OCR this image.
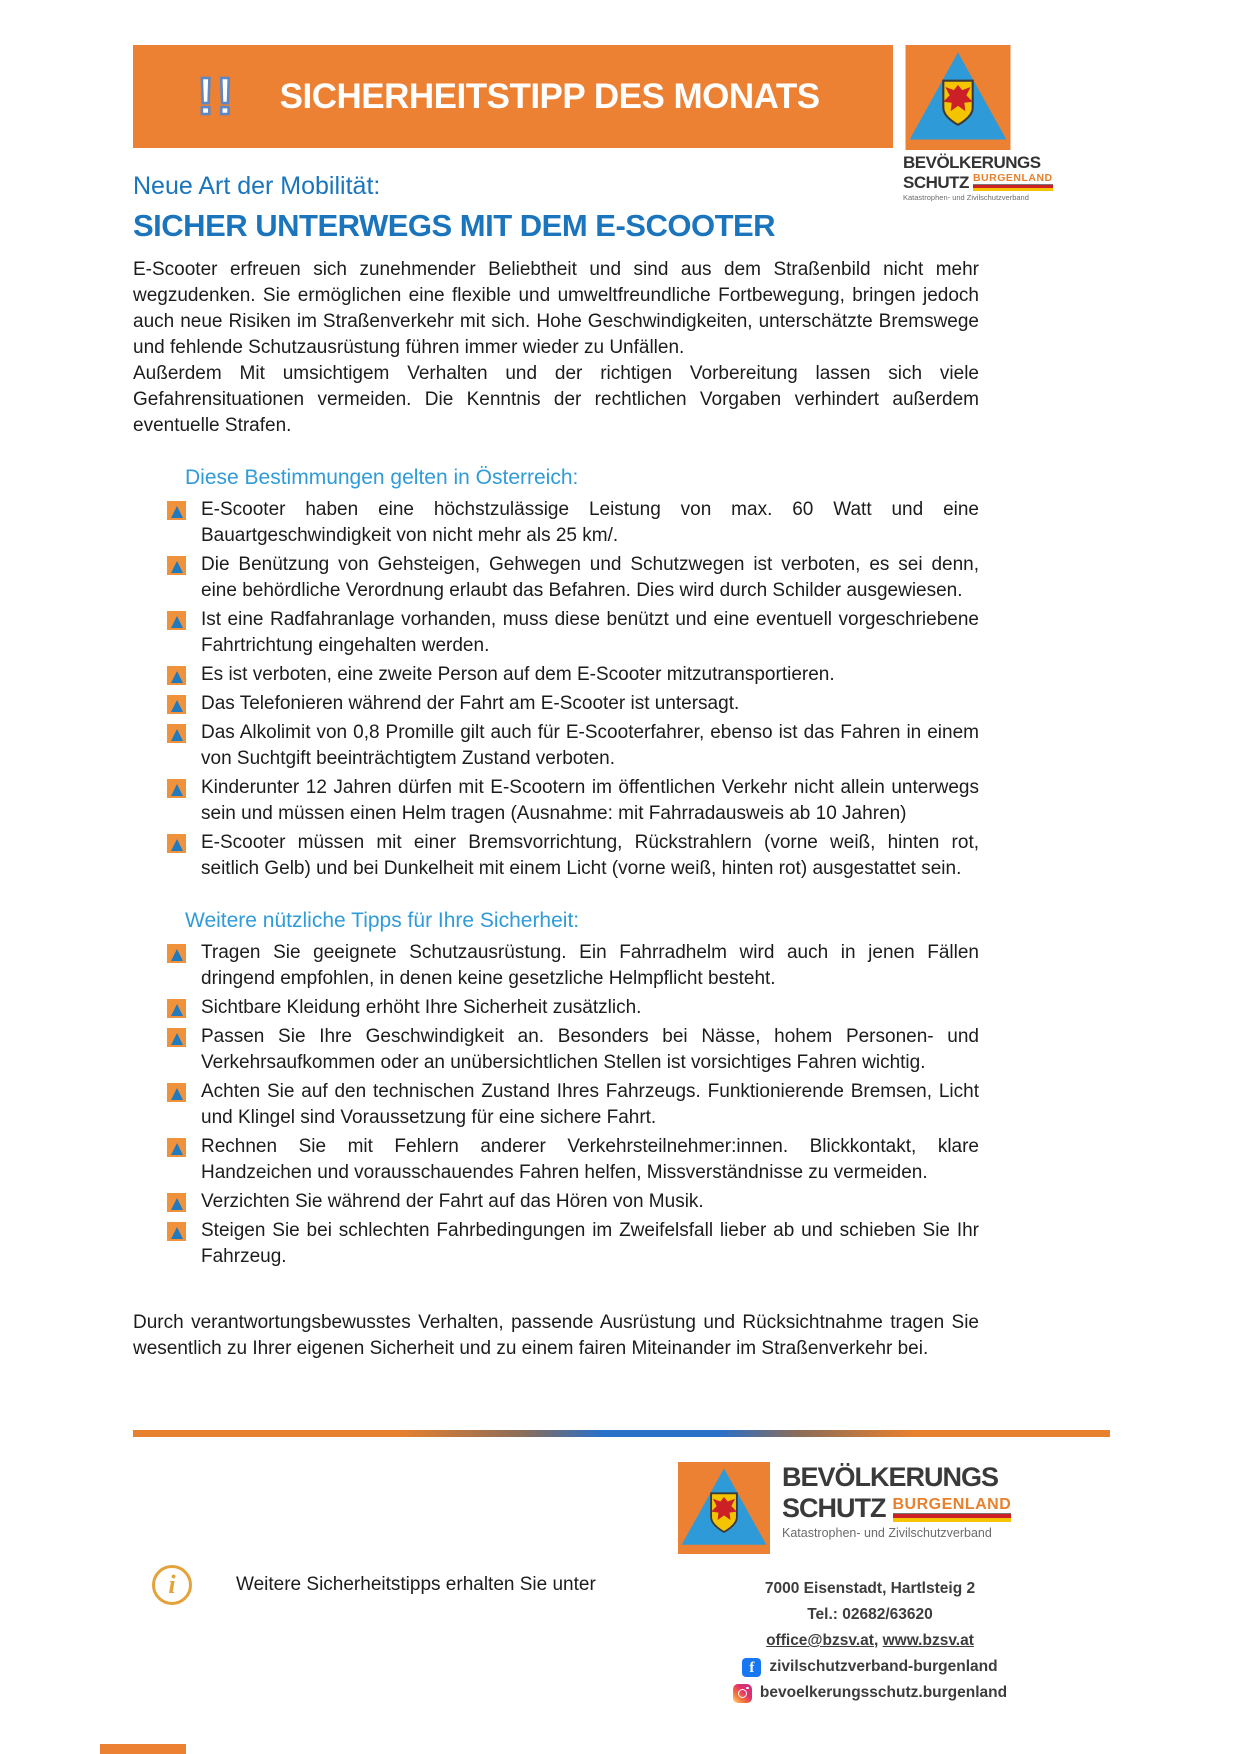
!! SICHERHEITSTIPP DES MONATS
BEVÖLKERUNGS
SCHUTZ BURGENLAND
Katastrophen- und Zivilschutzverband
Neue Art der Mobilität:
SICHER UNTERWEGS MIT DEM E-SCOOTER

E-Scooter erfreuen sich zunehmender Beliebtheit und sind aus dem Straßenbild nicht mehr wegzudenken. Sie ermöglichen eine flexible und umweltfreundliche Fortbewegung, bringen jedoch auch neue Risiken im Straßenverkehr mit sich. Hohe Geschwindigkeiten, unterschätzte Bremswege und fehlende Schutzausrüstung führen immer wieder zu Unfällen.

Außerdem Mit umsichtigem Verhalten und der richtigen Vorbereitung lassen sich viele Gefahrensituationen vermeiden. Die Kenntnis der rechtlichen Vorgaben verhindert außerdem eventuelle Strafen.

Diese Bestimmungen gelten in Österreich:
E-Scooter haben eine höchstzulässige Leistung von max. 60 Watt und eine Bauartgeschwindigkeit von nicht mehr als 25 km/.
Die Benützung von Gehsteigen, Gehwegen und Schutzwegen ist verboten, es sei denn, eine behördliche Verordnung erlaubt das Befahren. Dies wird durch Schilder ausgewiesen.
Ist eine Radfahranlage vorhanden, muss diese benützt und eine eventuell vorgeschriebene Fahrtrichtung eingehalten werden.
Es ist verboten, eine zweite Person auf dem E-Scooter mitzutransportieren.
Das Telefonieren während der Fahrt am E-Scooter ist untersagt.
Das Alkolimit von 0,8 Promille gilt auch für E-Scooterfahrer, ebenso ist das Fahren in einem von Suchtgift beeinträchtigtem Zustand verboten.
Kinderunter 12 Jahren dürfen mit E-Scootern im öffentlichen Verkehr nicht allein unterwegs sein und müssen einen Helm tragen (Ausnahme: mit Fahrradausweis ab 10 Jahren)
E-Scooter müssen mit einer Bremsvorrichtung, Rückstrahlern (vorne weiß, hinten rot, seitlich Gelb) und bei Dunkelheit mit einem Licht (vorne weiß, hinten rot) ausgestattet sein.
Weitere nützliche Tipps für Ihre Sicherheit:
Tragen Sie geeignete Schutzausrüstung. Ein Fahrradhelm wird auch in jenen Fällen dringend empfohlen, in denen keine gesetzliche Helmpflicht besteht.
Sichtbare Kleidung erhöht Ihre Sicherheit zusätzlich.
Passen Sie Ihre Geschwindigkeit an. Besonders bei Nässe, hohem Personen- und Verkehrsaufkommen oder an unübersichtlichen Stellen ist vorsichtiges Fahren wichtig.
Achten Sie auf den technischen Zustand Ihres Fahrzeugs. Funktionierende Bremsen, Licht und Klingel sind Voraussetzung für eine sichere Fahrt.
Rechnen Sie mit Fehlern anderer Verkehrsteilnehmer:innen. Blickkontakt, klare Handzeichen und vorausschauendes Fahren helfen, Missverständnisse zu vermeiden.
Verzichten Sie während der Fahrt auf das Hören von Musik.
Steigen Sie bei schlechten Fahrbedingungen im Zweifelsfall lieber ab und schieben Sie Ihr Fahrzeug.

Durch verantwortungsbewusstes Verhalten, passende Ausrüstung und Rücksichtnahme tragen Sie wesentlich zu Ihrer eigenen Sicherheit und zu einem fairen Miteinander im Straßenverkehr bei.

BEVÖLKERUNGS
SCHUTZ BURGENLAND
Katastrophen- und Zivilschutzverband
7000 Eisenstadt, Hartlsteig 2
Tel.: 02682/63620
office@bzsv.at, www.bzsv.at
f
zivilschutzverband-burgenland
bevoelkerungsschutz.burgenland
i
Weitere Sicherheitstipps erhalten Sie unter
